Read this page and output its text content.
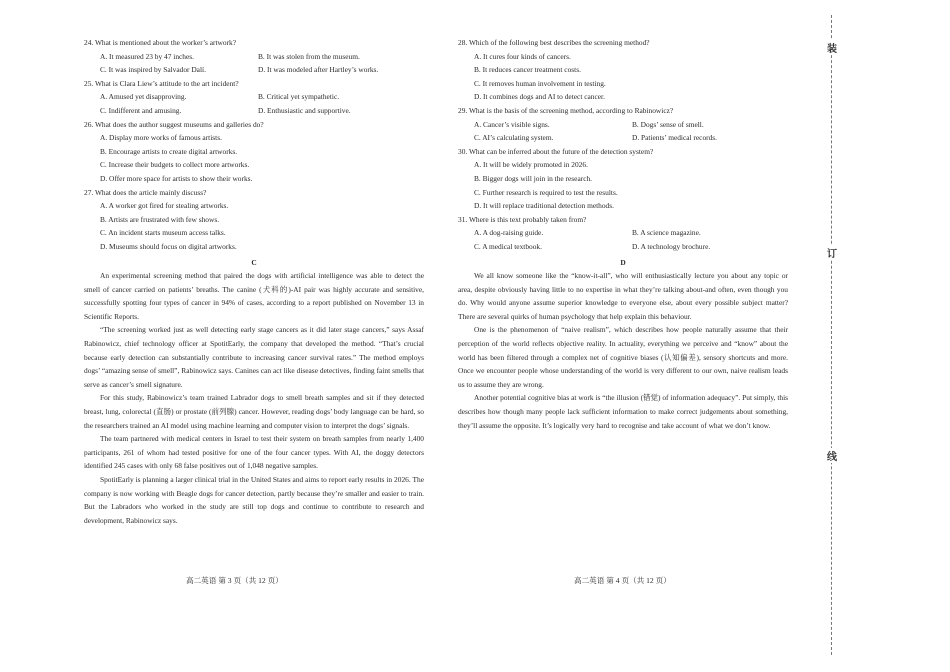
24. What is mentioned about the worker’s artwork?

A. It measured 23 by 47 inches.	B. It was stolen from the museum.
C. It was inspired by Salvador Dalí.	D. It was modeled after Hartley’s works.

25. What is Clara Liew’s attitude to the art incident?

A. Amused yet disapproving.	B. Critical yet sympathetic.
C. Indifferent and amusing.	D. Enthusiastic and supportive.

26. What does the author suggest museums and galleries do?

A. Display more works of famous artists.

B. Encourage artists to create digital artworks.

C. Increase their budgets to collect more artworks.

D. Offer more space for artists to show their works.

27. What does the article mainly discuss?

A. A worker got fired for stealing artworks.

B. Artists are frustrated with few shows.

C. An incident starts museum access talks.

D. Museums should focus on digital artworks.

C

An experimental screening method that paired the dogs with artificial intelligence was able to detect the smell of cancer carried on patients’ breaths. The canine (犬科的)-AI pair was highly accurate and sensitive, successfully spotting four types of cancer in 94% of cases, according to a report published on November 13 in Scientific Reports.

“The screening worked just as well detecting early stage cancers as it did later stage cancers,” says Assaf Rabinowicz, chief technology officer at SpotitEarly, the company that developed the method. “That’s crucial because early detection can substantially contribute to increasing cancer survival rates.” The method employs dogs’ “amazing sense of smell”, Rabinowicz says. Canines can act like disease detectives, finding faint smells that serve as cancer’s smell signature.

For this study, Rabinowicz’s team trained Labrador dogs to smell breath samples and sit if they detected breast, lung, colorectal (直肠) or prostate (前列腺) cancer. However, reading dogs’ body language can be hard, so the researchers trained an AI model using machine learning and computer vision to interpret the dogs’ signals.

The team partnered with medical centers in Israel to test their system on breath samples from nearly 1,400 participants, 261 of whom had tested positive for one of the four cancer types. With AI, the doggy detectors identified 245 cases with only 68 false positives out of 1,048 negative samples.

SpotitEarly is planning a larger clinical trial in the United States and aims to report early results in 2026. The company is now working with Beagle dogs for cancer detection, partly because they’re smaller and easier to train. But the Labradors who worked in the study are still top dogs and continue to contribute to research and development, Rabinowicz says.

28. Which of the following best describes the screening method?

A. It cures four kinds of cancers.

B. It reduces cancer treatment costs.

C. It removes human involvement in testing.

D. It combines dogs and AI to detect cancer.

29. What is the basis of the screening method, according to Rabinowicz?

A. Cancer’s visible signs.	B. Dogs’ sense of smell.
C. AI’s calculating system.	D. Patients’ medical records.

30. What can be inferred about the future of the detection system?

A. It will be widely promoted in 2026.

B. Bigger dogs will join in the research.

C. Further research is required to test the results.

D. It will replace traditional detection methods.

31. Where is this text probably taken from?

A. A dog-raising guide.	B. A science magazine.
C. A medical textbook.	D. A technology brochure.

D

We all know someone like the “know-it-all”, who will enthusiastically lecture you about any topic or area, despite obviously having little to no expertise in what they’re talking about-and often, even though you do. Why would anyone assume superior knowledge to everyone else, about every possible subject matter? There are several quirks of human psychology that help explain this behaviour.

One is the phenomenon of “naive realism”, which describes how people naturally assume that their perception of the world reflects objective reality. In actuality, everything we perceive and “know” about the world has been filtered through a complex net of cognitive biases (认知偏差), sensory shortcuts and more. Once we encounter people whose understanding of the world is very different to our own, naive realism leads us to assume they are wrong.

Another potential cognitive bias at work is “the illusion (错觉) of information adequacy”. Put simply, this describes how though many people lack sufficient information to make correct judgements about something, they’ll assume the opposite. It’s logically very hard to recognise and take account of what we don’t know.

高二英语 第 3 页（共 12 页）	高二英语 第 4 页（共 12 页）
装
订
线
